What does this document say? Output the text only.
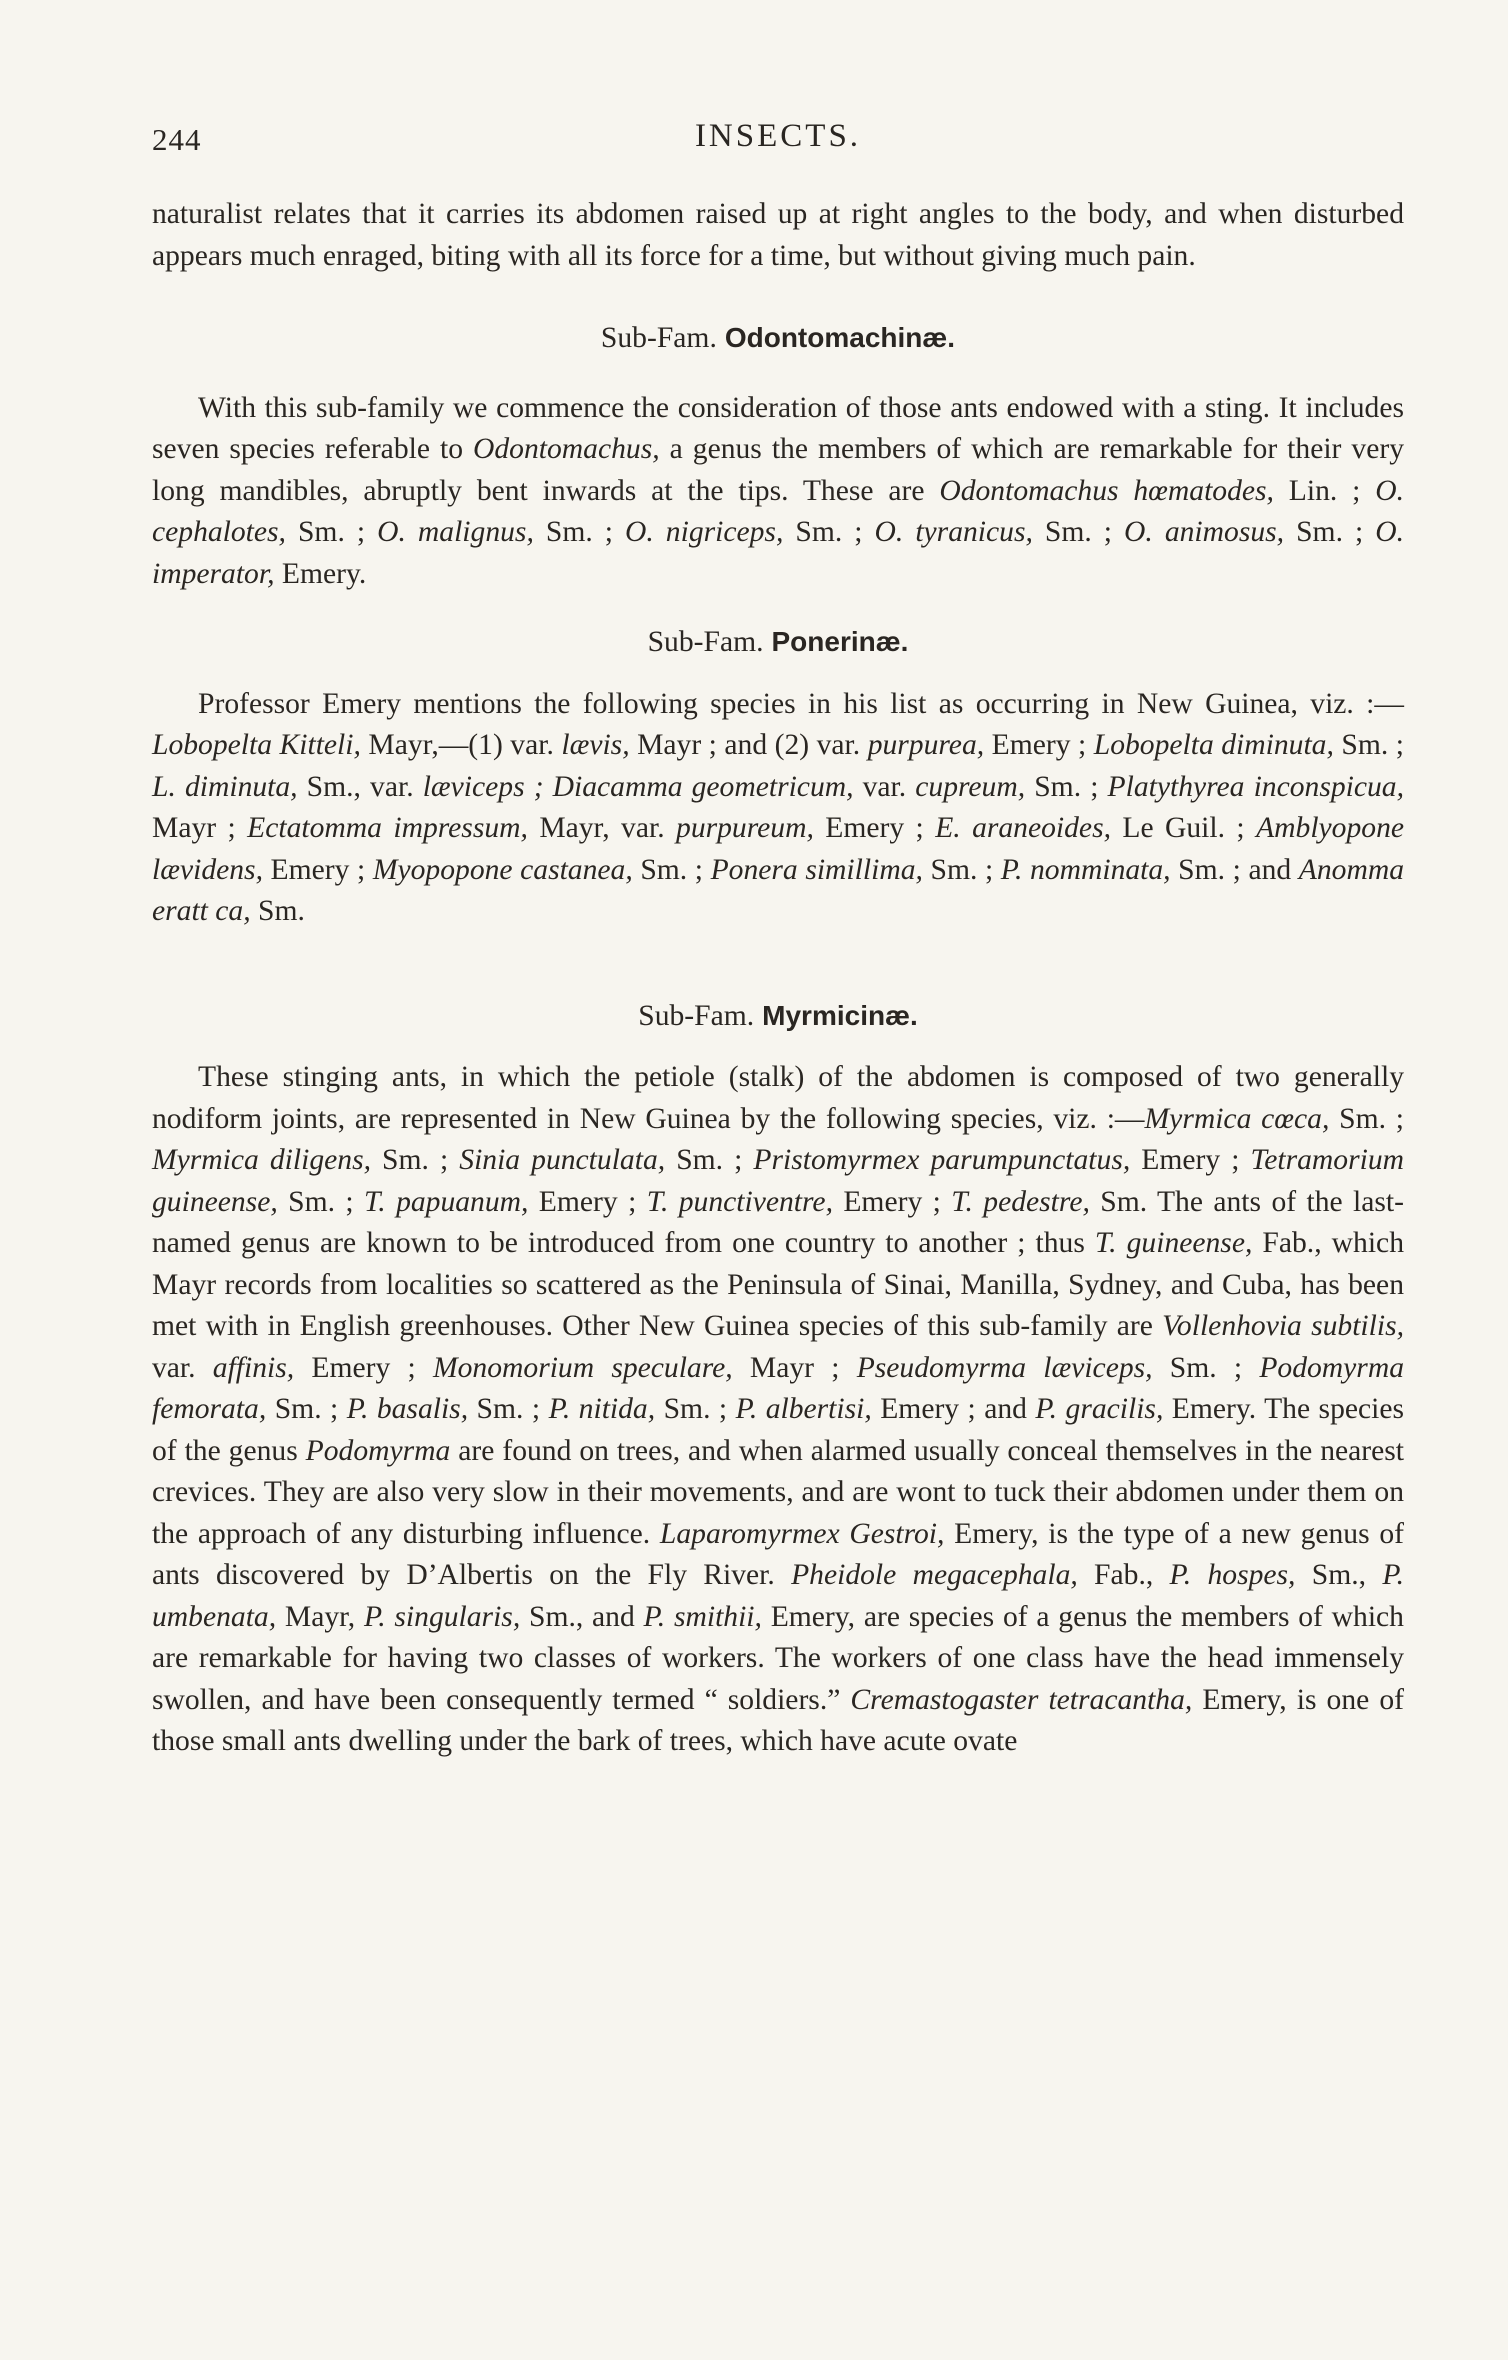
244	INSECTS.

naturalist relates that it carries its abdomen raised up at right angles to the body, and when disturbed appears much enraged, biting with all its force for a time, but without giving much pain.

Sub-Fam. Odontomachinæ.

With this sub-family we commence the consideration of those ants endowed with a sting. It includes seven species referable to Odontomachus, a genus the members of which are remarkable for their very long mandibles, abruptly bent inwards at the tips. These are Odontomachus hœmatodes, Lin. ; O. cephalotes, Sm. ; O. malignus, Sm. ; O. nigriceps, Sm. ; O. tyranicus, Sm. ; O. animosus, Sm. ; O. imperator, Emery.

Sub-Fam. Ponerinæ.

Professor Emery mentions the following species in his list as occurring in New Guinea, viz. :—Lobopelta Kitteli, Mayr,—(1) var. lævis, Mayr ; and (2) var. purpurea, Emery ; Lobopelta diminuta, Sm. ; L. diminuta, Sm., var. læviceps ; Diacamma geometricum, var. cupreum, Sm. ; Platythyrea inconspicua, Mayr ; Ectatomma impressum, Mayr, var. purpureum, Emery ; E. araneoides, Le Guil. ; Amblyopone lævidens, Emery ; Myopopone castanea, Sm. ; Ponera simillima, Sm. ; P. nomminata, Sm. ; and Anomma eratt ca, Sm.

Sub-Fam. Myrmicinæ.

These stinging ants, in which the petiole (stalk) of the abdomen is composed of two generally nodiform joints, are represented in New Guinea by the following species, viz. :—Myrmica cœca, Sm. ; Myrmica diligens, Sm. ; Sinia punctulata, Sm. ; Pristomyrmex parumpunctatus, Emery ; Tetramorium guineense, Sm. ; T. papuanum, Emery ; T. punctiventre, Emery ; T. pedestre, Sm. The ants of the last-named genus are known to be introduced from one country to another ; thus T. guineense, Fab., which Mayr records from localities so scattered as the Peninsula of Sinai, Manilla, Sydney, and Cuba, has been met with in English greenhouses. Other New Guinea species of this sub-family are Vollenhovia subtilis, var. affinis, Emery ; Monomorium speculare, Mayr ; Pseudomyrma læviceps, Sm. ; Podomyrma femorata, Sm. ; P. basalis, Sm. ; P. nitida, Sm. ; P. albertisi, Emery ; and P. gracilis, Emery. The species of the genus Podomyrma are found on trees, and when alarmed usually conceal themselves in the nearest crevices. They are also very slow in their movements, and are wont to tuck their abdomen under them on the approach of any disturbing influence. Laparomyrmex Gestroi, Emery, is the type of a new genus of ants discovered by D’Albertis on the Fly River. Pheidole megacephala, Fab., P. hospes, Sm., P. umbenata, Mayr, P. singularis, Sm., and P. smithii, Emery, are species of a genus the members of which are remarkable for having two classes of workers. The workers of one class have the head immensely swollen, and have been consequently termed “ soldiers.” Cremastogaster tetracantha, Emery, is one of those small ants dwelling under the bark of trees, which have acute ovate
